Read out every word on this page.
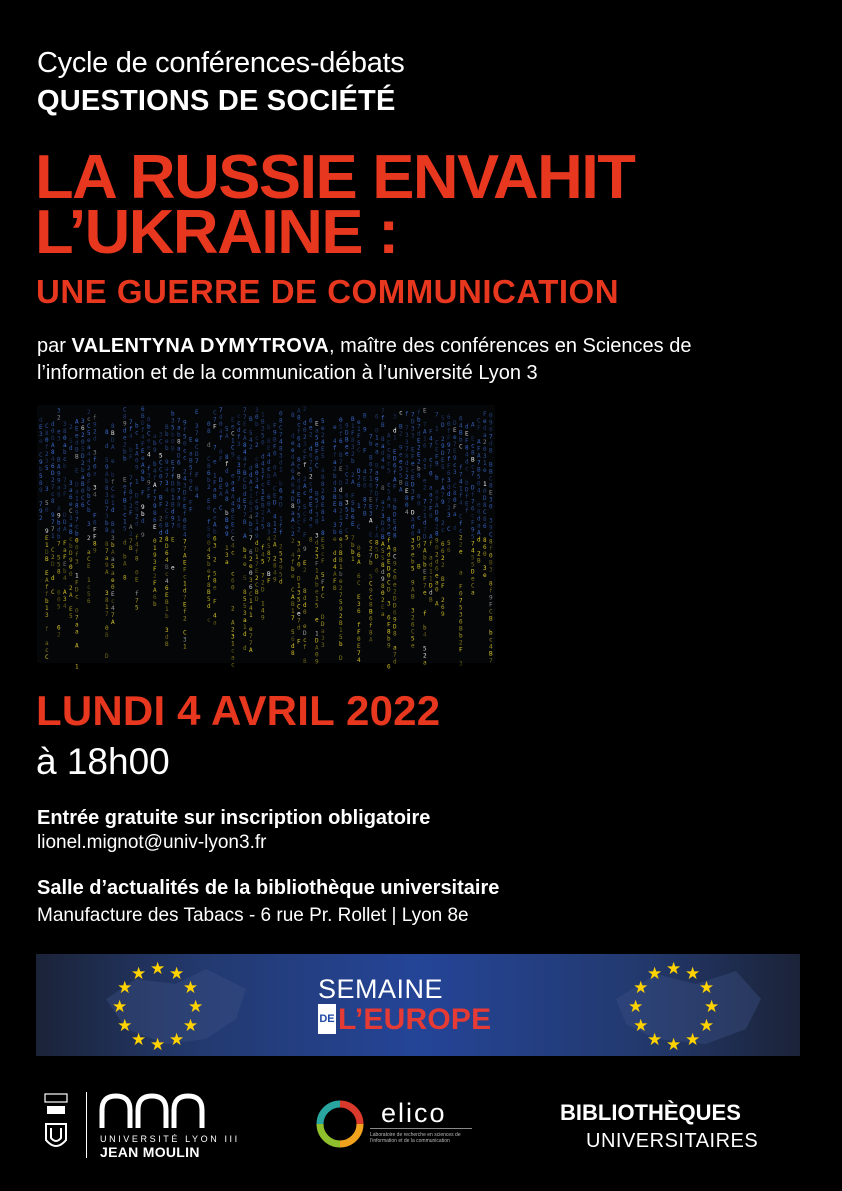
Cycle de conférences-débats
QUESTIONS DE SOCIÉTÉ
LA RUSSIE ENVAHIT
L’UKRAINE :
UNE GUERRE DE COMMUNICATION
par VALENTYNA DYMYTROVA, maître des conférences en Sciences de l’information et de la communication à l’université Lyon 3
d
E
3
e
C
9
b
5
8
9
7
9
2
C
8
0
f
2
3
5
3
5
0
9
E
1
D
B
E
A
f
f
b
1
3
f
a
c
C
d
0
B
A
8
4
6
D
2
7
c
8
9
7
7
1
C
2
D
d
C
3
2
e
3
B
A
9
9
a
8
A
9
b
d
b
7
5
5
8
0
0
5
6
2
3
8
0
a
b
c
b
7
3
F
D
D
A
F
a
F
E
b
4
A
3
4
2
5
d
3
a
6
e
C
3
a
B
c
b
D
9
0
0
2
A
E
5
A
E
e
d
B
B
E
D
a
1
8
9
7
c
b
0
0
f
3
1
F
D
c
0
7
a
a
A
1
3
6
2
0
5
D
2
b
a
B
0
C
6
2
c
C
5
e
a
4
4
2
0
F
b
b
C
b
3
2
a
C
E
1
c
5
6
f
9
2
d
3
f
0
a
3
4
F
6
F
F
8
9
8
d
5
9
A
b
8
3
D
7
3
b
8
8
7
a
9
A
3
8
1
7
0
B
D
8
B
D
A
e
b
f
C
e
1
d
B
a
3
b
A
a
5
a
e
0
E
c
4
7
A
C
8
9
d
e
2
b
b
E
e
f
B
1
c
1
5
d
b
A
8
7
f
4
b
F
7
f
8
f
2
F
A
2
7
B
b
c
1
A
0
9
1
D
e
9
2
d
f
4
f
8
0
E
f
7
5
6
B
D
f
4
F
E
e
A
9
b
F
9
b
d
9
0
b
C
e
e
4
f
3
9
F
F
a
b
9
b
4
f
A
f
7
9
8
6
E
0
1
9
3
F
2
F
A
6
b
3
C
5
C
C
0
7
B
F
2
6
d
2
B
b
e
b
9
a
7
3
4
2
C
F
B
d
8
D
6
4
B
c
4
6
E
B
1
b
3
d
B
b
3
5
b
0
B
E
7
f
D
0
1
B
d
9
7
E
e
7
a
b
8
a
D
6
B
b
7
a
8
1
6
9
f
5
0
c
c
2
4
3
D
F
E
f
0
E
4
7
7
A
E
F
c
1
d
7
E
f
2
C
3
1
E
a
B
5
f
9
C
F
F
E
3
7
e
C
D
7
F
B
4
0
8
d
C
8
6
b
2
E
0
f
5
0
0
4
5
b
e
f
8
B
5
d
c
C
7
F
7
e
1
F
a
B
C
e
A
b
6
3
2
5
8
e
F
4
a
7
d
0
a
f
0
F
D
E
A
C
5
A
8
f
d
9
A
8
b
B
e
9
1
3
a
E
e
C
1
C
9
e
a
4
A
4
8
E
E
C
C
4
c
c
6
0
2
A
2
3
1
c
a
c
c
c
d
f
3
6
3
B
7
d
9
7
7
E
c
A
8
4
4
f
B
C
D
d
E
7
7
B
A
b
4
e
5
8
5
5
3
a
1
d
d
B
5
4
2
d
d
A
1
1
6
3
4
b
5
7
6
2
e
0
3
6
C
1
4
1
e
7
7
A
3
0
b
c
2
c
8
0
3
4
f
c
9
2
1
4
9
d
D
1
7
E
2
C
B
D
1
B
2
5
0
d
4
1
f
c
1
E
B
2
2
5
f
4
5
7
2
D
1
4
9
b
B
E
4
d
c
b
E
6
0
A
8
3
4
5
8
7
B
F
F
9
B
F
0
0
A
C
E
D
4
1
2
2
A
2
8
4
9
0
8
C
7
4
8
3
d
1
b
6
a
D
1
f
f
2
5
3
9
5
d
8
d
e
e
d
A
6
A
6
4
D
8
a
A
c
2
2
4
f
b
e
C
A
B
1
7
5
6
d
8
A
8
c
f
6
4
8
C
e
d
d
E
D
7
5
C
2
3
A
7
0
D
1
3
5
C
e
7
d
F
2
d
0
2
3
c
F
f
2
A
c
5
C
F
F
9
E
2
8
d
d
0
e
D
c
f
8
6
e
2
d
6
7
5
2
c
d
e
E
d
a
e
8
E
a
5
B
F
0
C
B
5
f
3
8
3
d
2
3
F
1
A
b
e
1
5
e
1
D
A
0
9
5
e
2
4
E
5
a
8
8
2
9
E
8
1
8
E
5
c
F
5
F
f
C
D
D
a
3
3
e
4
f
f
a
2
b
d
3
B
E
4
3
b
e
d
d
4
A
F
B
0
5
f
6
B
7
E
D
d
b
B
2
1
7
6
e
3
B
B
1
b
e
2
7
5
9
2
B
1
5
b
D
9
D
B
e
e
3
C
2
6
3
5
2
C
5
B
1
F
8
3
2
b
2
A
F
5
b
6
E
7
b
b
1
e
1
F
5
C
D
7
6
1
C
0
6
A
6
C
E
3
6
f
F
0
E
7
4
B
9
F
4
E
6
8
7
B
7
b
B
0
7
1
6
7
E
E
3
A
E
c
2
7
b
5
C
9
C
8
B
6
f
8
A
6
0
1
e
a
B
a
9
7
D
f
7
f
A
8
5
D
6
7
f
B
8
a
d
4
e
8
a
2
3
D
0
B
A
5
5
8
d
9
8
0
2
E
a
A
C
c
B
c
5
c
5
A
a
8
3
e
f
A
d
E
D
0
C
D
3
6
F
8
b
9
6
3
d
1
E
D
6
f
A
F
9
b
D
E
d
8
8
C
9
c
0
e
2
D
D
6
9
D
8
a
7
d
c
B
2
9
e
e
5
5
B
A
f
7
3
3
7
8
d
1
2
B
E
8
0
4
7
D
3
3
E
F
e
c
E
D
3
F
D
A
d
6
3
5
e
b
5
9
A
B
3
2
6
C
5
e
f
b
7
d
E
2
E
2
b
8
0
0
c
4
D
d
B
E
7
A
1
6
a
1
e
2
7
2
1
d
7
D
7
A
b
b
E
F
7
e
f
b
4
5
2
a
F
4
7
c
f
0
a
a
7
F
8
A
f
a
d
1
1
D
d
B
7
1
C
E
F
9
b
a
9
A
D
6
2
8
9
0
2
d
6
e
a
0
A
5
D
2
9
D
E
5
f
A
7
9
2
c
6
6
2
2
B
F
2
6
9
6
0
f
F
9
7
f
F
6
3
d
d
7
2
3
C
5
6
D
E
e
7
E
9
c
3
C
8
0
F
a
d
6
4
B
b
C
f
7
4
1
f
4
C
f
c
2
2
e
a
F
0
7
5
3
6
B
b
2
F
3
d
E
F
8
4
d
c
b
D
f
E
f
A
E
c
8
B
c
7
D
f
7
6
c
F
9
5
7
4
5
5
D
e
C
a
C
F
A
F
A
7
B
5
0
4
e
8
d
a
A
d
2
B
F
e
d
a
2
0
3
1
e
1
0
D
8
C
8
6
8
6
0
3
e
0
9
0
7
d
B
B
B
C
8
E
3
0
3
9
C
8
f
0
B
3
8
f
9
F
C
B
b
c
4
B
7
LUNDI 4 AVRIL 2022
à 18h00
Entrée gratuite sur inscription obligatoire
lionel.mignot@univ-lyon3.fr
Salle d’actualités de la bibliothèque universitaire
Manufacture des Tabacs - 6 rue Pr. Rollet | Lyon 8e
★ ★
★
★
★
★
★
★
★
★
★
★	★ ★
★
★
★
★
★
★
★
★
★
★
SEMAINE
DE L’EUROPE
UNIVERSITÉ LYON III
JEAN MOULIN
elico
Laboratoire de recherche en sciences de l’information et de la communication
BIBLIOTHÈQUES
UNIVERSITAIRES
